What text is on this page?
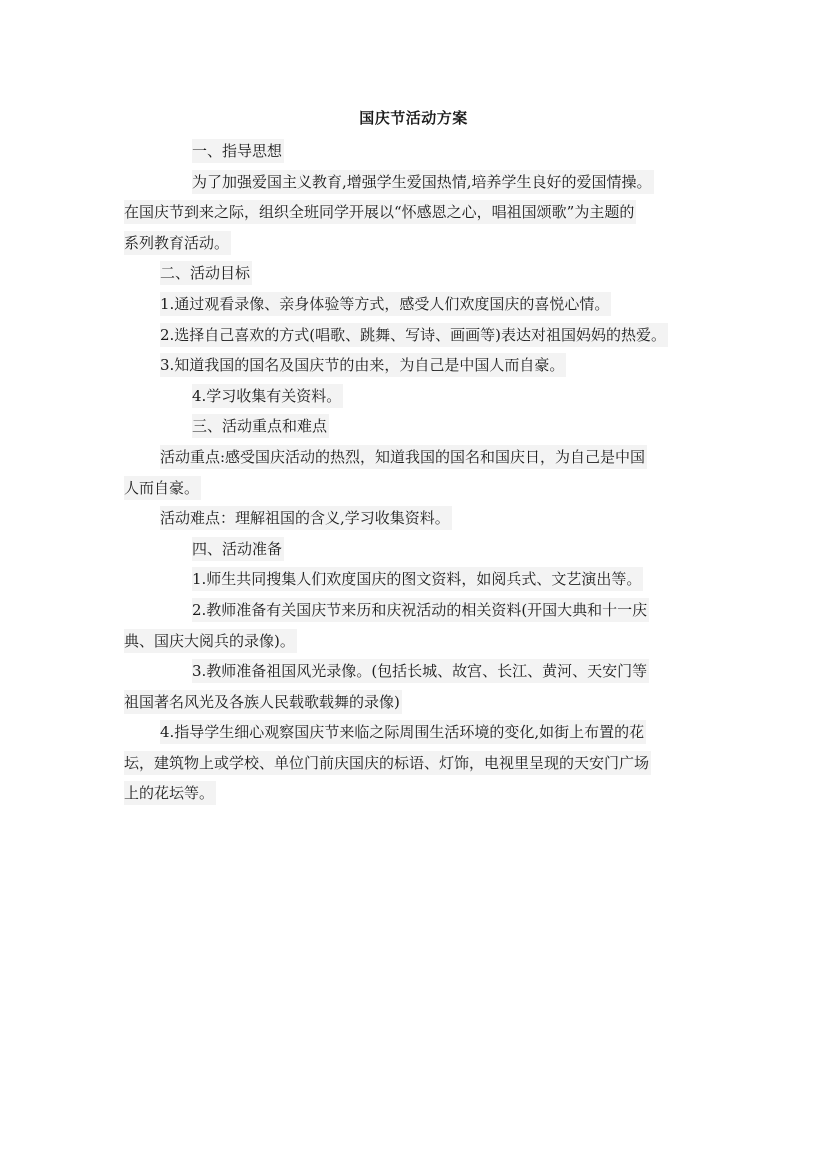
国庆节活动方案
一、指导思想
为了加强爱国主义教育,增强学生爱国热情,培养学生良好的爱国情操。
在国庆节到来之际，组织全班同学开展以“怀感恩之心，唱祖国颂歌”为主题的
系列教育活动。
二、活动目标
1.通过观看录像、亲身体验等方式，感受人们欢度国庆的喜悦心情。
2.选择自己喜欢的方式(唱歌、跳舞、写诗、画画等)表达对祖国妈妈的热爱。
3.知道我国的国名及国庆节的由来，为自己是中国人而自豪。
4.学习收集有关资料。
三、活动重点和难点
活动重点:感受国庆活动的热烈，知道我国的国名和国庆日，为自己是中国
人而自豪。
活动难点：理解祖国的含义,学习收集资料。
四、活动准备
1.师生共同搜集人们欢度国庆的图文资料，如阅兵式、文艺演出等。
2.教师准备有关国庆节来历和庆祝活动的相关资料(开国大典和十一庆
典、国庆大阅兵的录像)。
3.教师准备祖国风光录像。(包括长城、故宫、长江、黄河、天安门等
祖国著名风光及各族人民载歌载舞的录像)
4.指导学生细心观察国庆节来临之际周围生活环境的变化,如街上布置的花
坛，建筑物上或学校、单位门前庆国庆的标语、灯饰，电视里呈现的天安门广场
上的花坛等。
